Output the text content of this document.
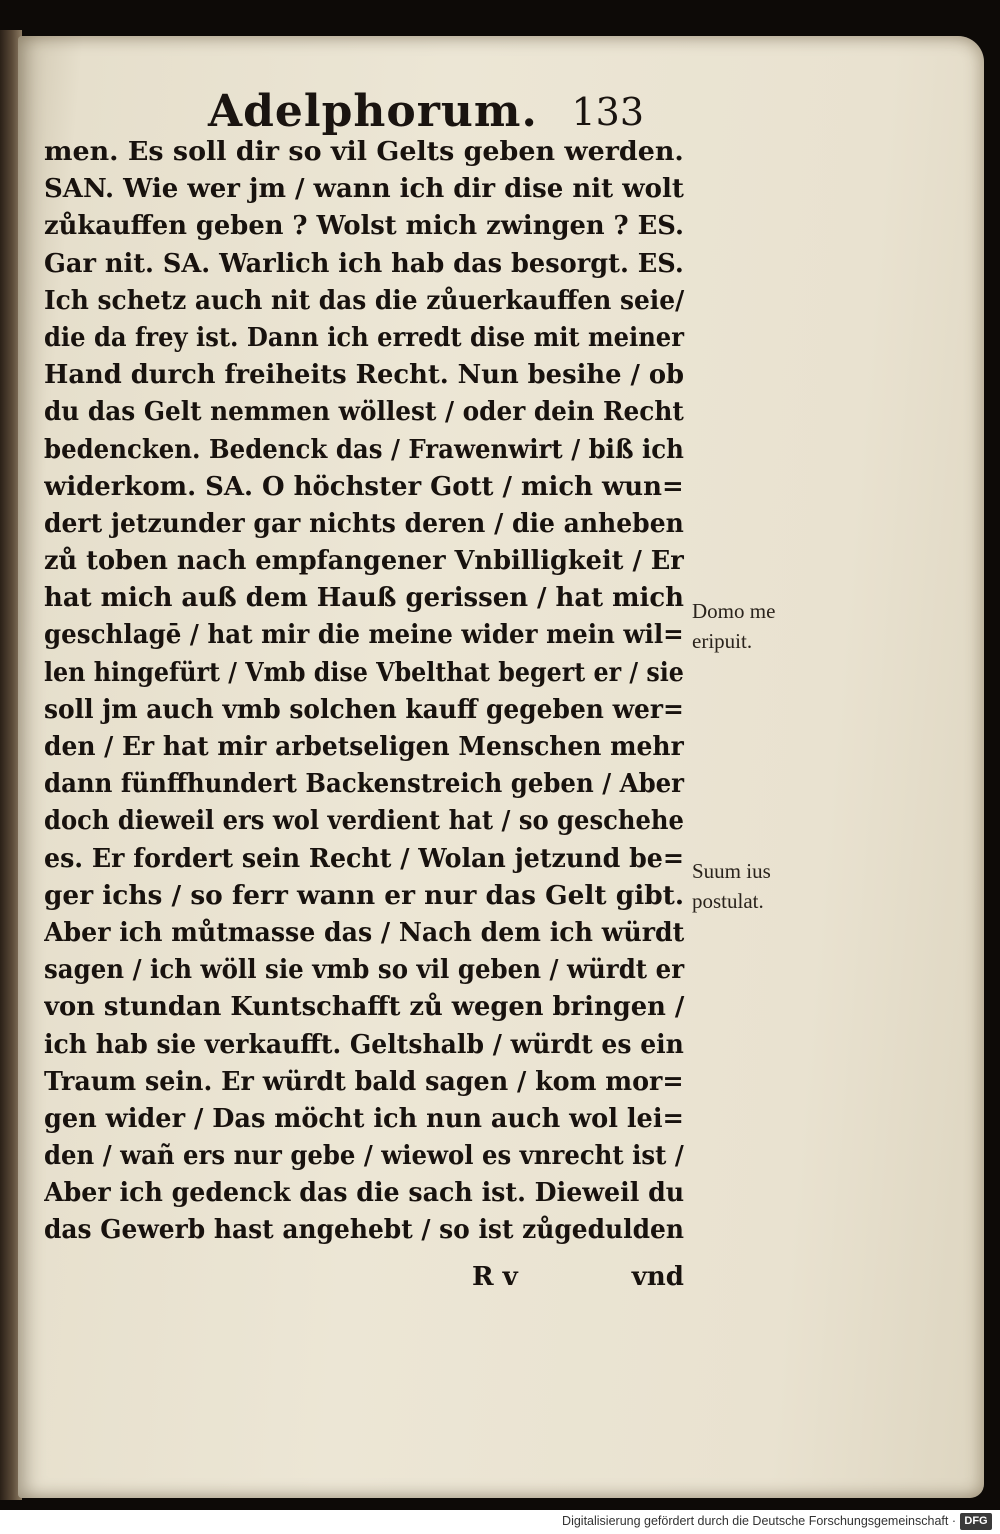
Adelphorum. 133
men. Es soll dir so vil Gelts geben werden.
SAN. Wie wer jm / wann ich dir dise nit wolt
zůkauffen geben ? Wolst mich zwingen ? ES.
Gar nit. SA. Warlich ich hab das besorgt. ES.
Ich schetz auch nit das die zůuerkauffen seie/
die da frey ist. Dann ich erredt dise mit meiner
Hand durch freiheits Recht. Nun besihe / ob
du das Gelt nemmen wöllest / oder dein Recht
bedencken. Bedenck das / Frawenwirt / biß ich
widerkom. SA. O höchster Gott / mich wun=
dert jetzunder gar nichts deren / die anheben
zů toben nach empfangener Vnbilligkeit / Er
hat mich auß dem Hauß gerissen / hat mich
geschlagē / hat mir die meine wider mein wil=
len hingefürt / Vmb dise Vbelthat begert er / sie
soll jm auch vmb solchen kauff gegeben wer=
den / Er hat mir arbetseligen Menschen mehr
dann fünffhundert Backenstreich geben / Aber
doch dieweil ers wol verdient hat / so geschehe
es. Er fordert sein Recht / Wolan jetzund be=
ger ichs / so ferr wann er nur das Gelt gibt.
Aber ich můtmasse das / Nach dem ich würdt
sagen / ich wöll sie vmb so vil geben / würdt er
von stundan Kuntschafft zů wegen bringen /
ich hab sie verkaufft. Geltshalb / würdt es ein
Traum sein. Er würdt bald sagen / kom mor=
gen wider / Das möcht ich nun auch wol lei=
den / wañ ers nur gebe / wiewol es vnrecht ist /
Aber ich gedenck das die sach ist. Dieweil du
das Gewerb hast angehebt / so ist zůgedulden
Domo me
eripuit.
Suum ius
postulat.
R v	vnd
Digitalisierung gefördert durch die Deutsche Forschungsgemeinschaft · DFG
